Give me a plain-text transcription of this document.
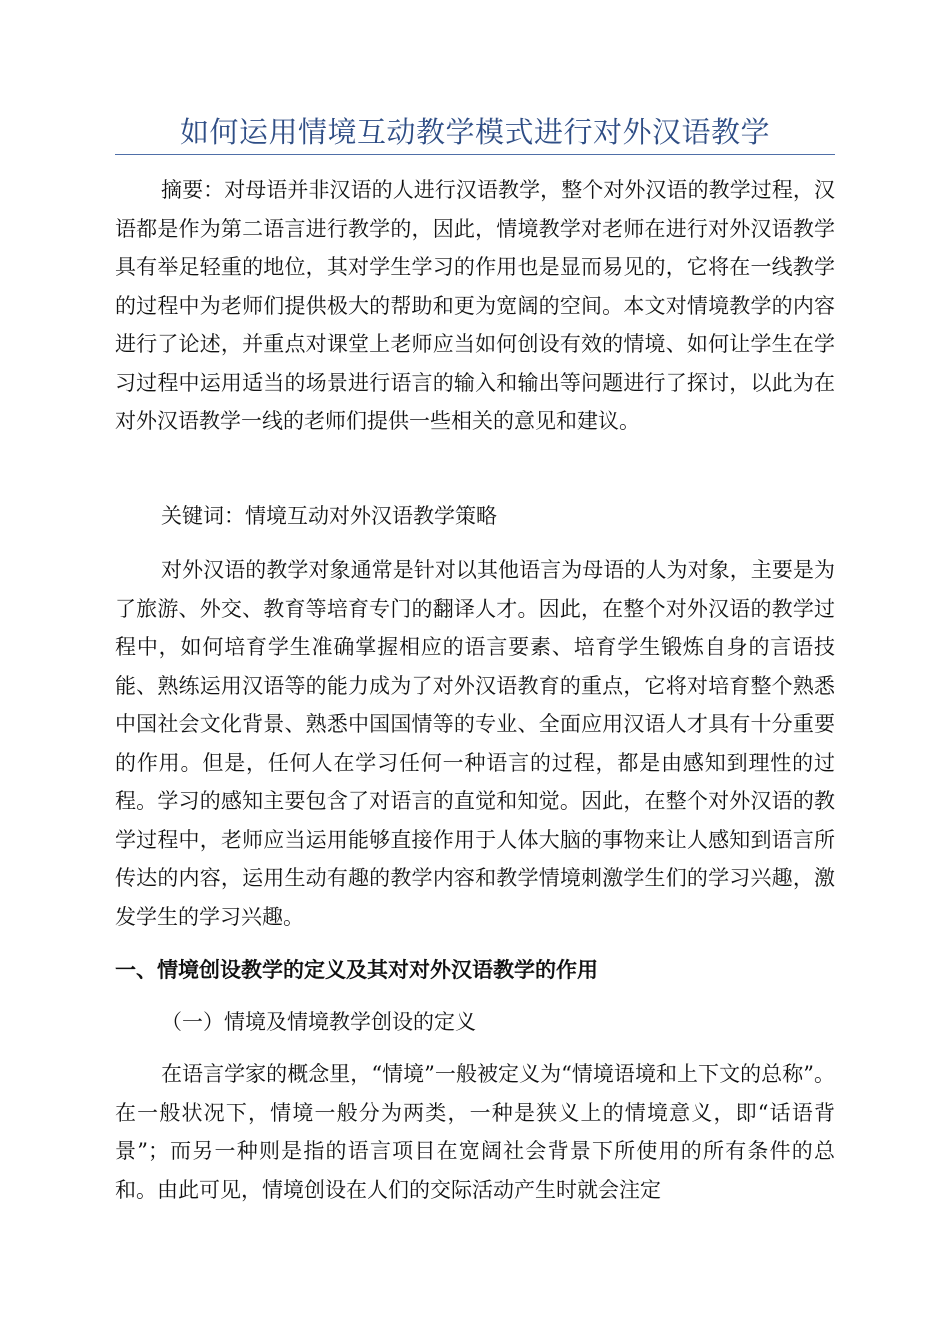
如何运用情境互动教学模式进行对外汉语教学

摘要：对母语并非汉语的人进行汉语教学，整个对外汉语的教学过程，汉语都是作为第二语言进行教学的，因此，情境教学对老师在进行对外汉语教学具有举足轻重的地位，其对学生学习的作用也是显而易见的，它将在一线教学的过程中为老师们提供极大的帮助和更为宽阔的空间。本文对情境教学的内容进行了论述，并重点对课堂上老师应当如何创设有效的情境、如何让学生在学习过程中运用适当的场景进行语言的输入和输出等问题进行了探讨，以此为在对外汉语教学一线的老师们提供一些相关的意见和建议。

关键词：情境互动对外汉语教学策略

对外汉语的教学对象通常是针对以其他语言为母语的人为对象，主要是为了旅游、外交、教育等培育专门的翻译人才。因此，在整个对外汉语的教学过程中，如何培育学生准确掌握相应的语言要素、培育学生锻炼自身的言语技能、熟练运用汉语等的能力成为了对外汉语教育的重点，它将对培育整个熟悉中国社会文化背景、熟悉中国国情等的专业、全面应用汉语人才具有十分重要的作用。但是，任何人在学习任何一种语言的过程，都是由感知到理性的过程。学习的感知主要包含了对语言的直觉和知觉。因此，在整个对外汉语的教学过程中，老师应当运用能够直接作用于人体大脑的事物来让人感知到语言所传达的内容，运用生动有趣的教学内容和教学情境刺激学生们的学习兴趣，激发学生的学习兴趣。

一、情境创设教学的定义及其对对外汉语教学的作用
（一）情境及情境教学创设的定义

在语言学家的概念里，“情境”一般被定义为“情境语境和上下文的总称”。在一般状况下，情境一般分为两类，一种是狭义上的情境意义，即“话语背景”；而另一种则是指的语言项目在宽阔社会背景下所使用的所有条件的总和。由此可见，情境创设在人们的交际活动产生时就会注定
